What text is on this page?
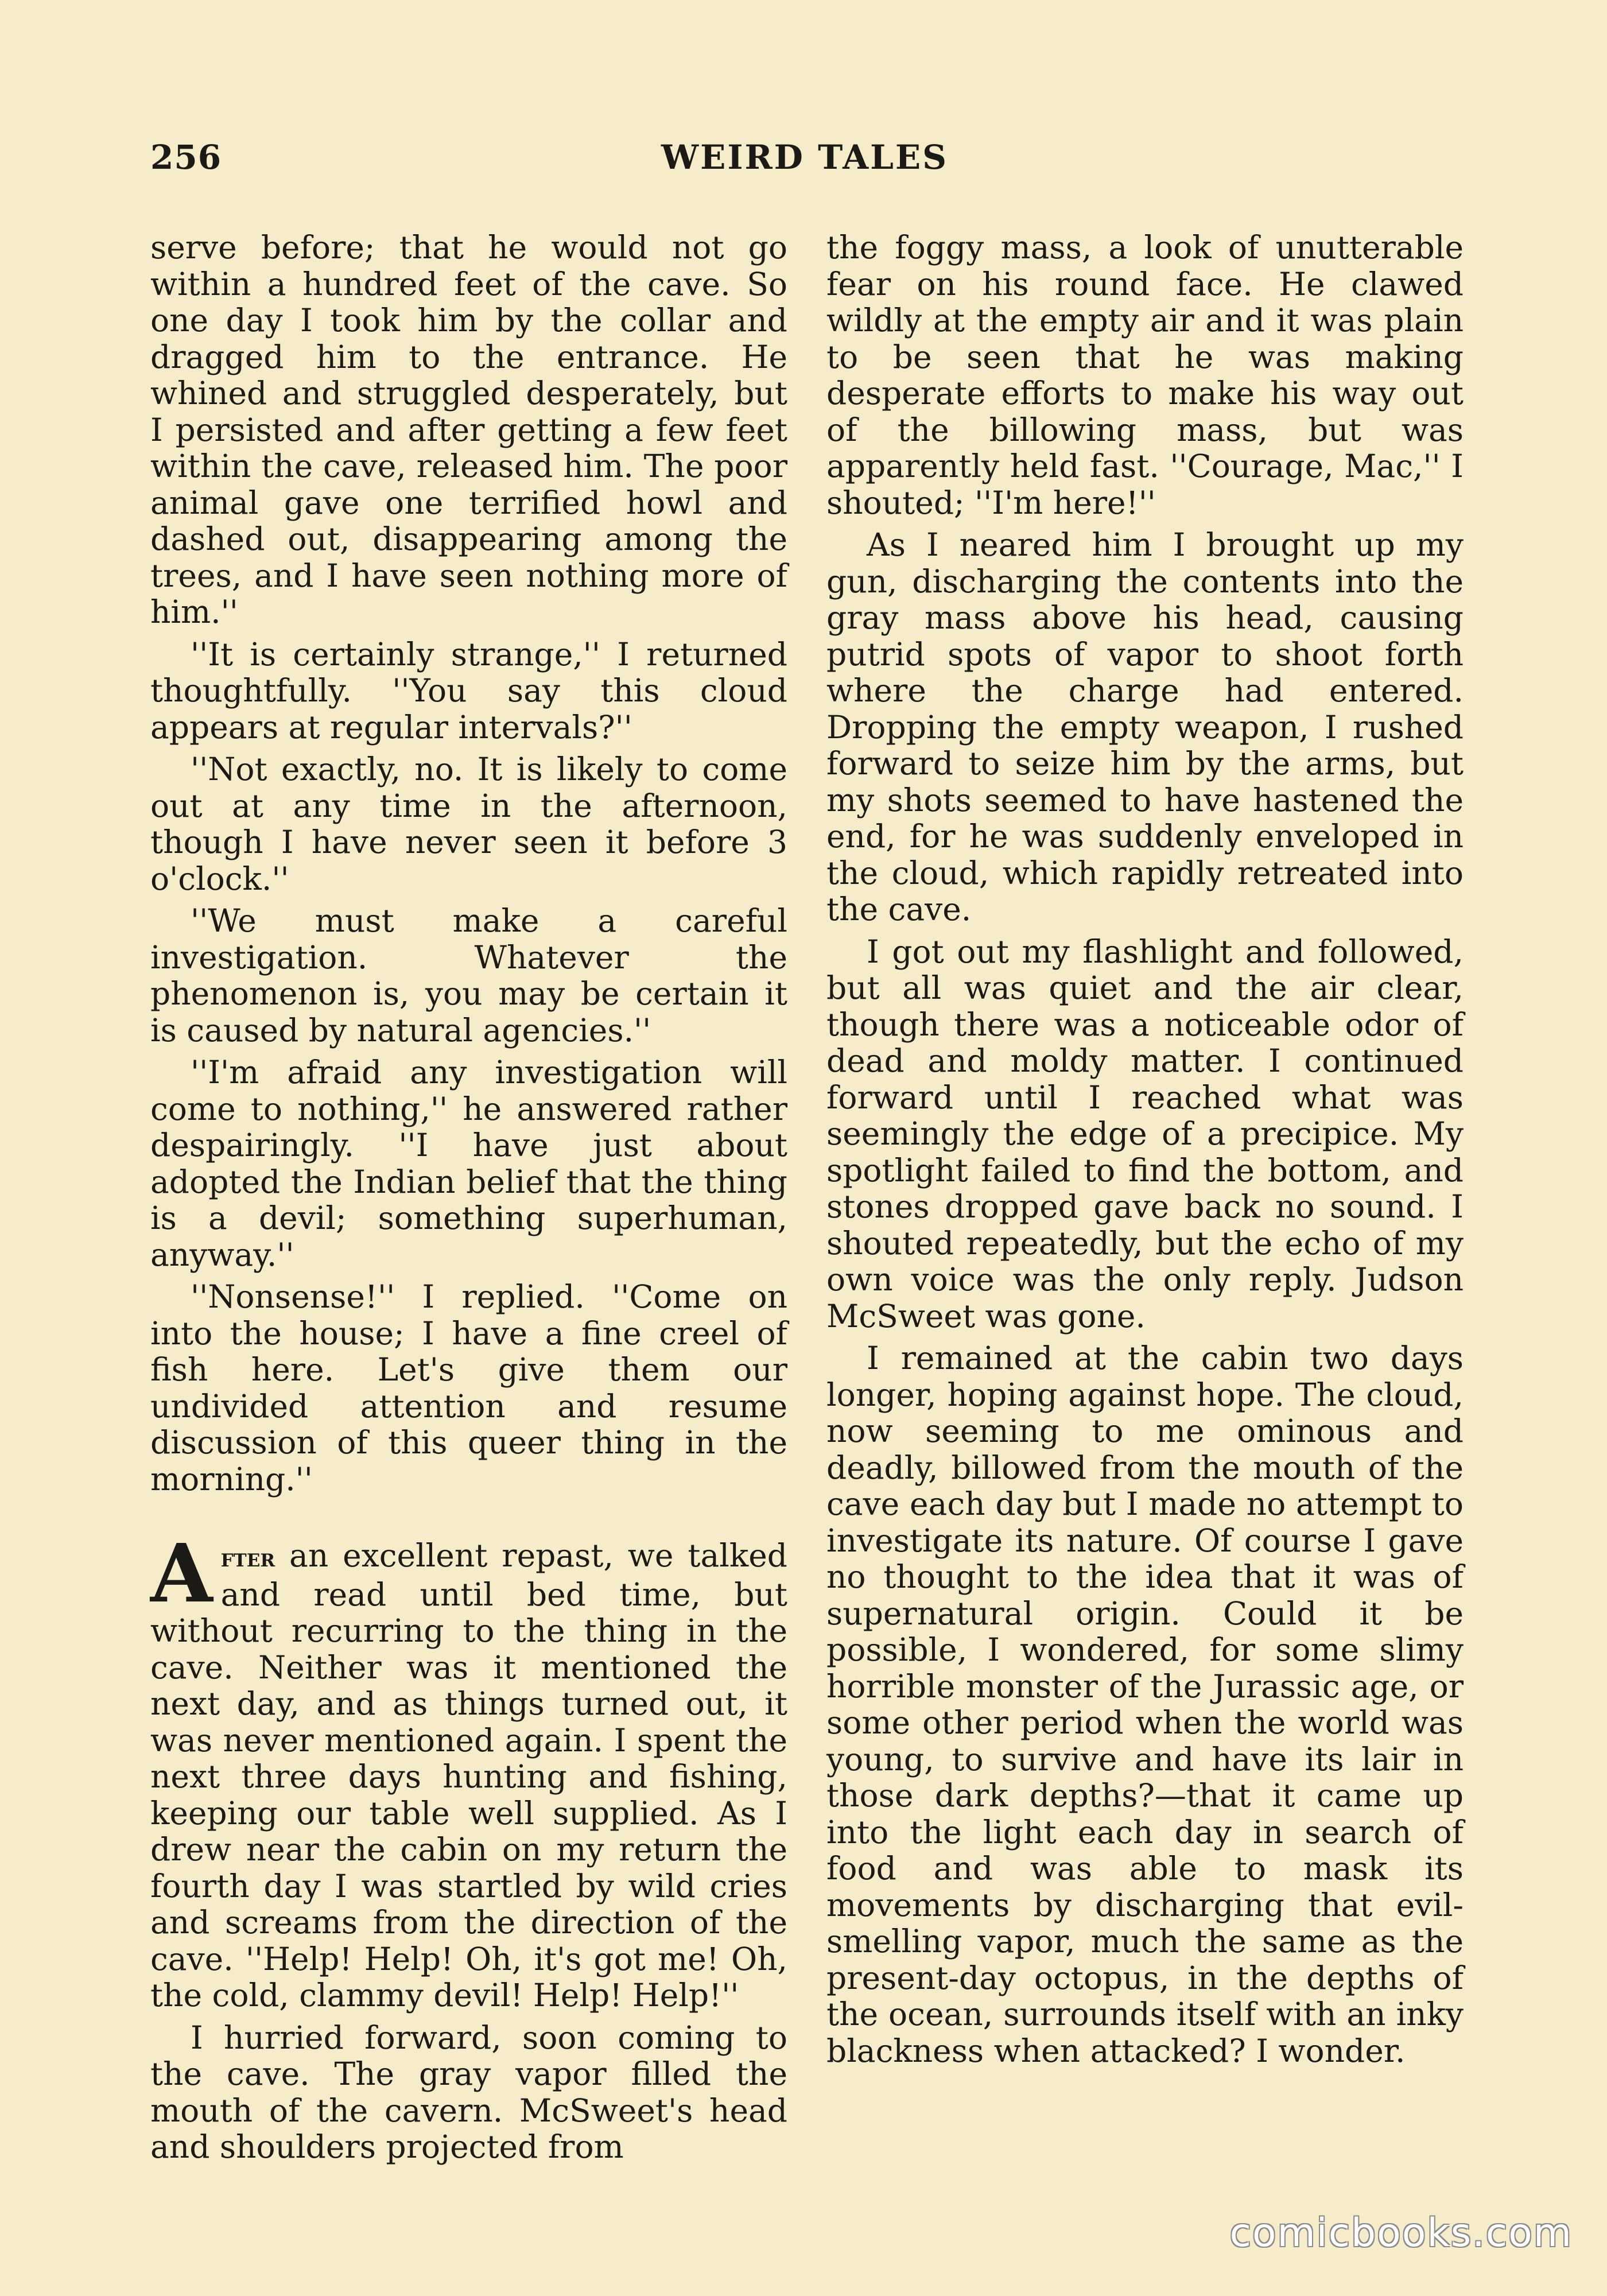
256	WEIRD TALES

serve before; that he would not go within a hundred feet of the cave. So one day I took him by the collar and dragged him to the entrance. He whined and struggled desperately, but I persisted and after getting a few feet within the cave, released him. The poor animal gave one terrified howl and dashed out, disappearing among the trees, and I have seen nothing more of him.''

''It is certainly strange,'' I returned thoughtfully. ''You say this cloud appears at regular intervals?''

''Not exactly, no. It is likely to come out at any time in the afternoon, though I have never seen it before 3 o'clock.''

''We must make a careful investigation. Whatever the phenomenon is, you may be certain it is caused by natural agencies.''

''I'm afraid any investigation will come to nothing,'' he answered rather despairingly. ''I have just about adopted the Indian belief that the thing is a devil; something superhuman, anyway.''

''Nonsense!'' I replied. ''Come on into the house; I have a fine creel of fish here. Let's give them our undivided attention and resume discussion of this queer thing in the morning.''

After an excellent repast, we talked and read until bed time, but without recurring to the thing in the cave. Neither was it mentioned the next day, and as things turned out, it was never mentioned again. I spent the next three days hunting and fishing, keeping our table well supplied. As I drew near the cabin on my return the fourth day I was startled by wild cries and screams from the direction of the cave. ''Help! Help! Oh, it's got me! Oh, the cold, clammy devil! Help! Help!''

I hurried forward, soon coming to the cave. The gray vapor filled the mouth of the cavern. McSweet's head and shoulders projected from

the foggy mass, a look of unutterable fear on his round face. He clawed wildly at the empty air and it was plain to be seen that he was making desperate efforts to make his way out of the billowing mass, but was apparently held fast. ''Courage, Mac,'' I shouted; ''I'm here!''

As I neared him I brought up my gun, discharging the contents into the gray mass above his head, causing putrid spots of vapor to shoot forth where the charge had entered. Dropping the empty weapon, I rushed forward to seize him by the arms, but my shots seemed to have hastened the end, for he was suddenly enveloped in the cloud, which rapidly retreated into the cave.

I got out my flashlight and followed, but all was quiet and the air clear, though there was a noticeable odor of dead and moldy matter. I continued forward until I reached what was seemingly the edge of a precipice. My spotlight failed to find the bottom, and stones dropped gave back no sound. I shouted repeatedly, but the echo of my own voice was the only reply. Judson McSweet was gone.

I remained at the cabin two days longer, hoping against hope. The cloud, now seeming to me ominous and deadly, billowed from the mouth of the cave each day but I made no attempt to investigate its nature. Of course I gave no thought to the idea that it was of supernatural origin. Could it be possible, I wondered, for some slimy horrible monster of the Jurassic age, or some other period when the world was young, to survive and have its lair in those dark depths?—that it came up into the light each day in search of food and was able to mask its movements by discharging that evil-smelling vapor, much the same as the present-day octopus, in the depths of the ocean, surrounds itself with an inky blackness when attacked? I wonder.

comicbooks.com
